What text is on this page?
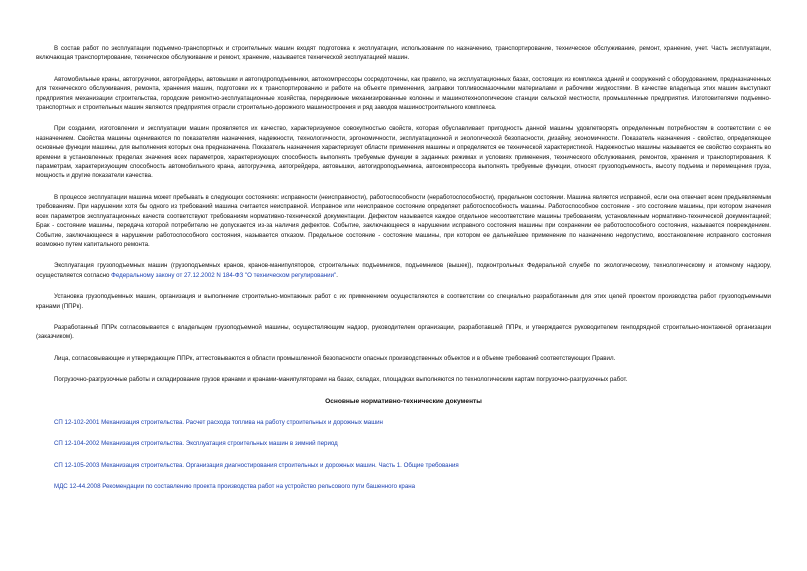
В состав работ по эксплуатации подъемно-транспортных и строительных машин входят подготовка к эксплуатации, использование по назначению, транспортирование, техническое обслуживание, ремонт, хранение, учет. Часть эксплуатации, включающая транспортирование, техническое обслуживание и ремонт, хранение, называется технической эксплуатацией машин.

Автомобильные краны, автогрузчики, автогрейдеры, автовышки и автогидроподъемники, автокомпрессоры сосредоточены, как правило, на эксплуатационных базах, состоящих из комплекса зданий и сооружений с оборудованием, предназначенных для технического обслуживания, ремонта, хранения машин, подготовки их к транспортированию и работе на объекте применения, заправки топливосмазочными материалами и рабочими жидкостями. В качестве владельца этих машин выступают предприятия механизации строительства, городские ремонтно-эксплуатационные хозяйства, передвижные механизированные колонны и машинотехнологические станции сельской местности, промышленные предприятия. Изготовителями подъемно-транспортных и строительных машин являются предприятия отрасли строительно-дорожного машиностроения и ряд заводов машиностроительного комплекса.

При создании, изготовлении и эксплуатации машин проявляется их качество, характеризуемое совокупностью свойств, которая обуславливает пригодность данной машины удовлетворять определенным потребностям в соответствии с ее назначением. Свойства машины оцениваются по показателям назначения, надежности, технологичности, эргономичности, эксплуатационной и экологической безопасности, дизайну, экономичности. Показатель назначения - свойство, определяющее основные функции машины, для выполнения которых она предназначена. Показатель назначения характеризует области применения машины и определяется ее технической характеристикой. Надежностью машины называется ее свойство сохранять во времени в установленных пределах значения всех параметров, характеризующих способность выполнять требуемые функции в заданных режимах и условиях применения, технического обслуживания, ремонтов, хранения и транспортирования. К параметрам, характеризующим способность автомобильного крана, автогрузчика, автогрейдера, автовышки, автогидроподъемника, автокомпрессора выполнять требуемые функции, относят грузоподъемность, высоту подъема и перемещения груза, мощность и другие показатели качества.

В процессе эксплуатации машина может пребывать в следующих состояниях: исправности (неисправности), работоспособности (неработоспособности), предельном состоянии. Машина является исправной, если она отвечает всем предъявляемым требованиям. При нарушении хотя бы одного из требований машина считается неисправной. Исправное или неисправное состояние определяет работоспособность машины. Работоспособное состояние - это состояние машины, при котором значения всех параметров эксплуатационных качеств соответствуют требованиям нормативно-технической документации. Дефектом называется каждое отдельное несоответствие машины требованиям, установленным нормативно-технической документацией; Брак - состояние машины, передача которой потребителю не допускается из-за наличия дефектов. Событие, заключающееся в нарушении исправного состояния машины при сохранении ее работоспособного состояния, называется повреждением. Событие, заключающееся в нарушении работоспособного состояния, называется отказом. Предельное состояние - состояние машины, при котором ее дальнейшее применение по назначению недопустимо, восстановление исправного состояния возможно путем капитального ремонта.

Эксплуатация грузоподъемных машин (грузоподъемных кранов, кранов-манипуляторов, строительных подъемников, подъемников (вышек)), подконтрольных Федеральной службе по экологическому, технологическому и атомному надзору, осуществляется согласно Федеральному закону от 27.12.2002 N 184-ФЗ "О техническом регулировании".

Установка грузоподъемных машин, организация и выполнение строительно-монтажных работ с их применением осуществляются в соответствии со специально разработанным для этих целей проектом производства работ грузоподъемными кранами (ППРк).

Разработанный ППРк согласовывается с владельцем грузоподъемной машины, осуществляющим надзор, руководителем организации, разработавшей ППРк, и утверждается руководителем генподрядной строительно-монтажной организации (заказчиком).

Лица, согласовывающие и утверждающие ППРк, аттестовываются в области промышленной безопасности опасных производственных объектов и в объеме требований соответствующих Правил.

Погрузочно-разгрузочные работы и складирование грузов кранами и кранами-манипуляторами на базах, складах, площадках выполняются по технологическим картам погрузочно-разгрузочных работ.

Основные нормативно-технические документы

СП 12-102-2001 Механизация строительства. Расчет расхода топлива на работу строительных и дорожных машин
СП 12-104-2002 Механизация строительства. Эксплуатация строительных машин в зимний период
СП 12-105-2003 Механизация строительства. Организация диагностирования строительных и дорожных машин. Часть 1. Общие требования
МДС 12-44.2008 Рекомендации по составлению проекта производства работ на устройство рельсового пути башенного крана
